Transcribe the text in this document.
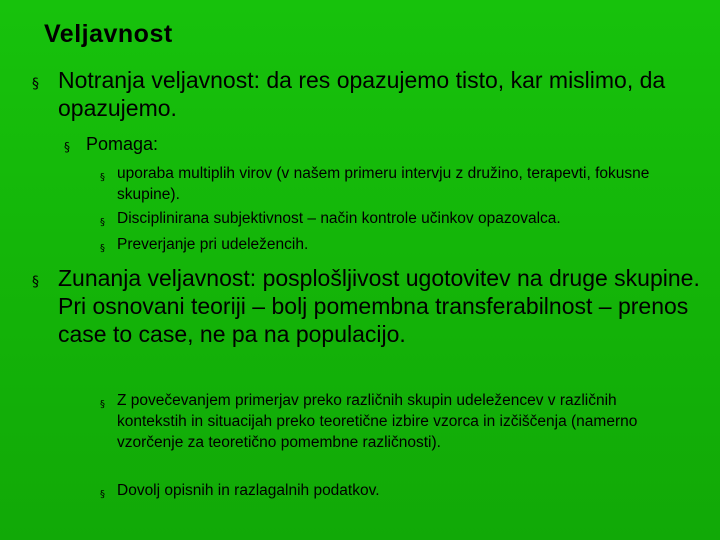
Veljavnost
§ Notranja veljavnost: da res opazujemo tisto, kar mislimo, da opazujemo.
§ Pomaga:
§ uporaba multiplih virov (v našem primeru intervju z družino, terapevti, fokusne skupine).
§ Disciplinirana subjektivnost – način kontrole učinkov opazovalca.
§ Preverjanje pri udeležencih.
§ Zunanja veljavnost: posplošljivost ugotovitev na druge skupine. Pri osnovani teoriji – bolj pomembna transferabilnost – prenos case to case, ne pa na populacijo.
§ Z povečevanjem primerjav preko različnih skupin udeležencev v različnih kontekstih in situacijah preko teoretične izbire vzorca in izčiščenja (namerno vzorčenje za teoretično pomembne različnosti).
§ Dovolj opisnih in razlagalnih podatkov.
